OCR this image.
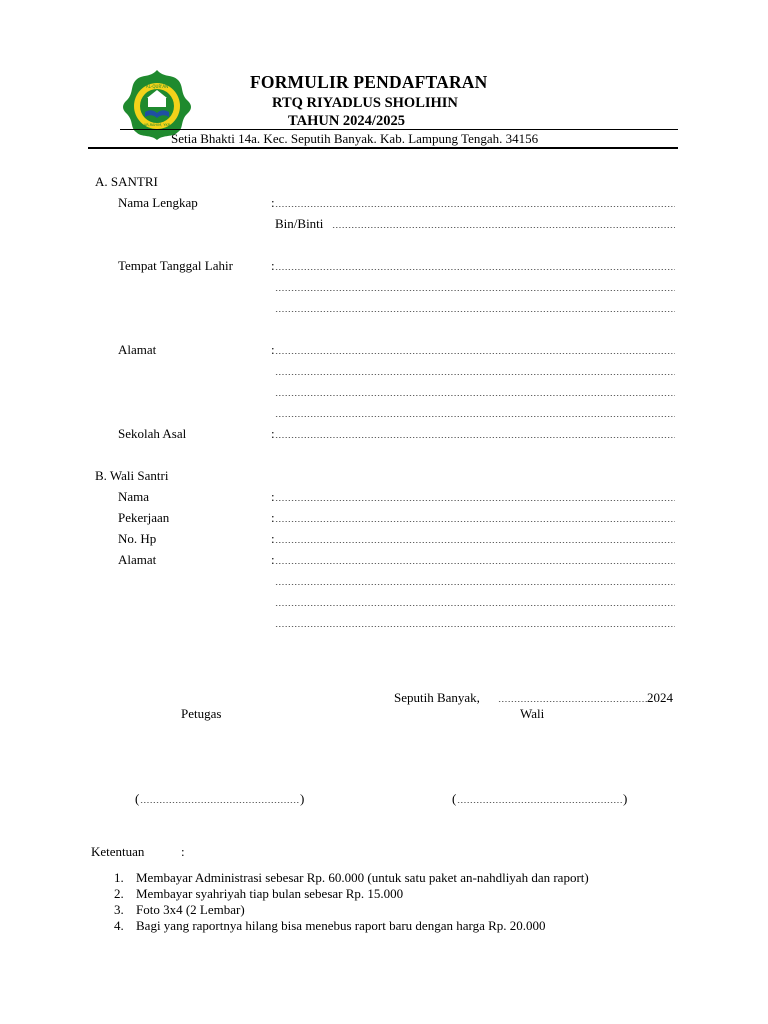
AL-QUR'AN
AR-RAHIM, YKR
FORMULIR PENDAFTARAN
RTQ RIYADLUS SHOLIHIN
TAHUN 2024/2025
Setia Bhakti 14a. Kec. Seputih Banyak. Kab. Lampung Tengah. 34156
A. SANTRI
Nama Lengkap	:
Bin/Binti
Tempat Tanggal Lahir	:
Alamat	:
Sekolah Asal	:
B. Wali Santri
Nama	:
Pekerjaan	:
No. Hp	:
Alamat	:
Seputih Banyak,	2024
Petugas	Wali
(	)	(	)
Ketentuan	:
1. Membayar Administrasi sebesar Rp. 60.000 (untuk satu paket an-nahdliyah dan raport)
2. Membayar syahriyah tiap bulan sebesar Rp. 15.000
3. Foto 3x4 (2 Lembar)
4. Bagi yang raportnya hilang bisa menebus raport baru dengan harga Rp. 20.000
